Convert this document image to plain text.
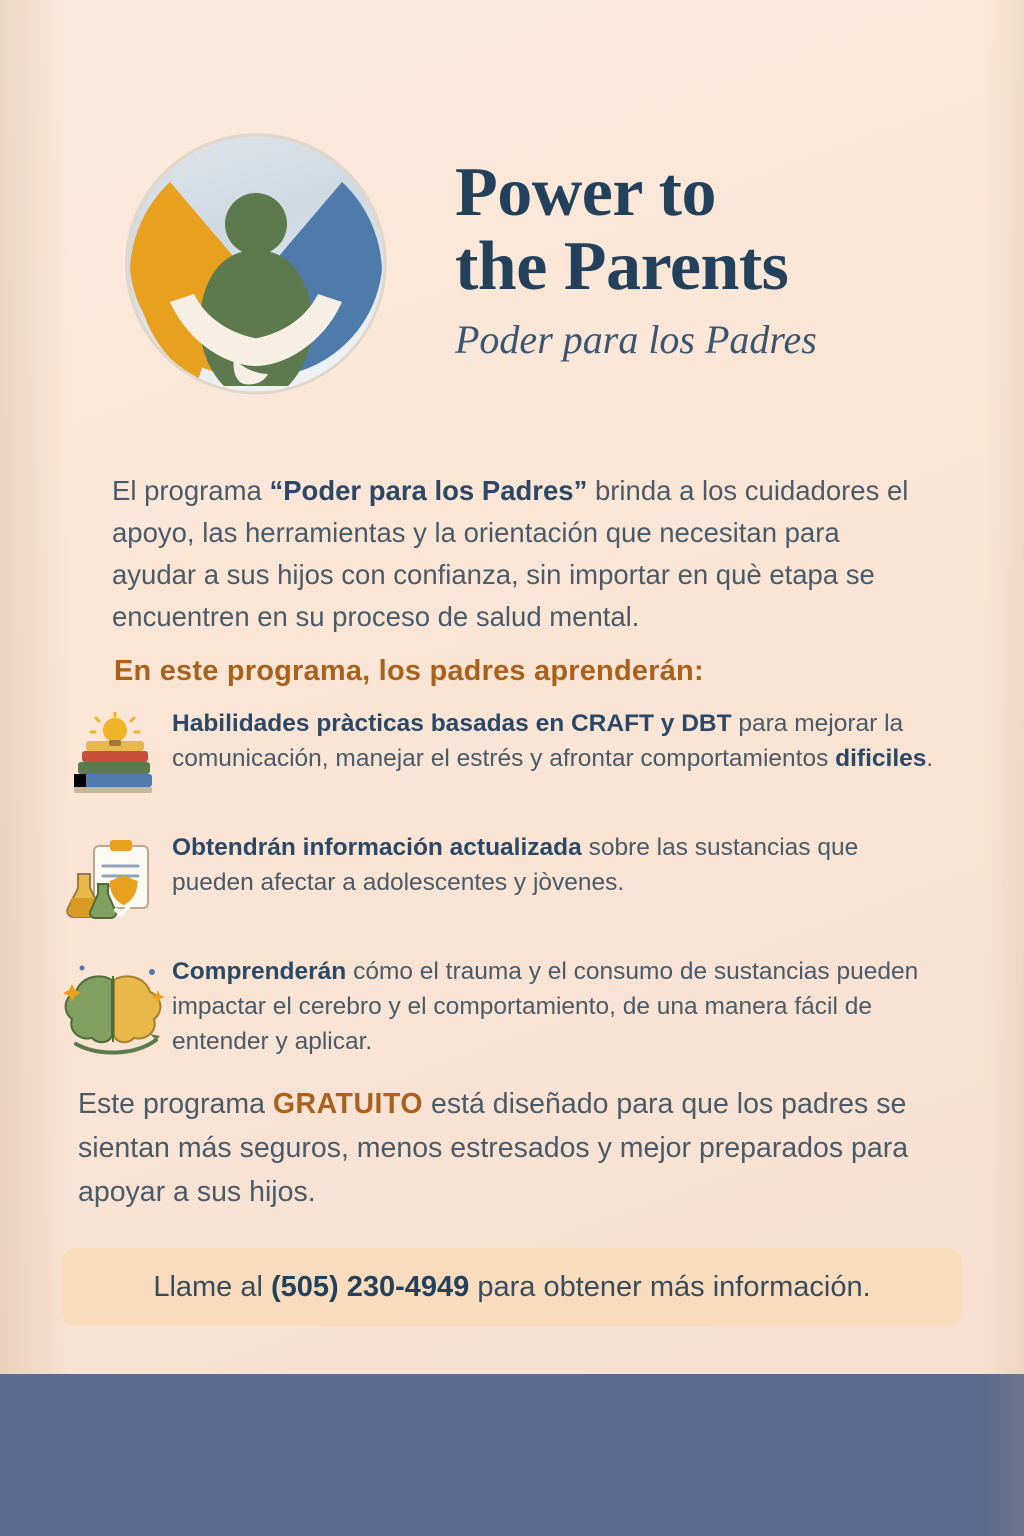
Power to
the Parents
Poder para los Padres
El programa “Poder para los Padres” brinda a los cuidadores el apoyo, las herramientas y la orientación que necesitan para ayudar a sus hijos con confianza, sin importar en què etapa se encuentren en su proceso de salud mental.
En este programa, los padres aprenderán:
Habilidades pràcticas basadas en CRAFT y DBT para mejorar la comunicación, manejar el estrés y afrontar comportamientos dificiles.
Obtendrán información actualizada sobre las sustancias que pueden afectar a adolescentes y jòvenes.
Comprenderán cómo el trauma y el consumo de sustancias pueden impactar el cerebro y el comportamiento, de una manera fácil de entender y aplicar.
Este programa GRATUITO está diseñado para que los padres se sientan más seguros, menos estresados y mejor preparados para apoyar a sus hijos.
Llame al (505) 230-4949 para obtener más información.
